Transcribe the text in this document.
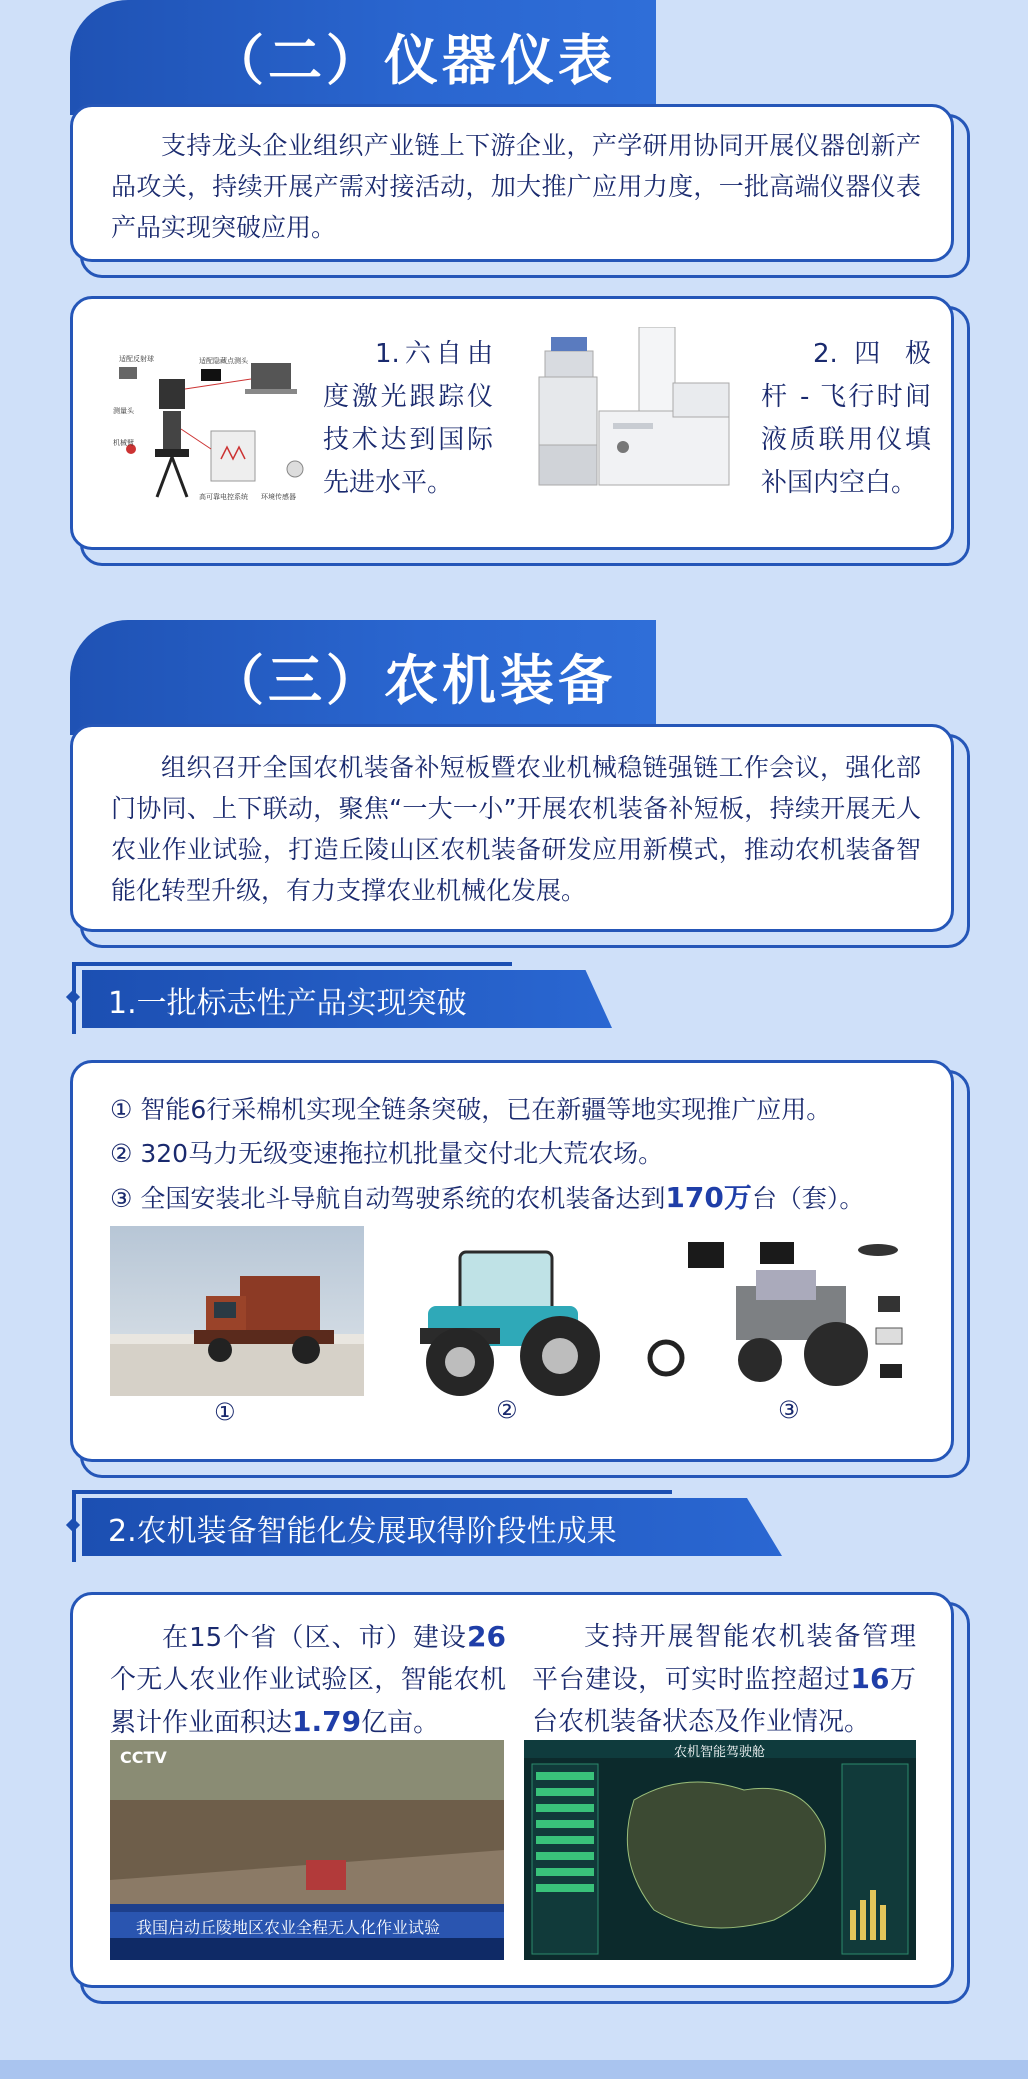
（二）仪器仪表
支持龙头企业组织产业链上下游企业，产学研用协同开展仪器创新产品攻关，持续开展产需对接活动，加大推广应用力度，一批高端仪器仪表产品实现突破应用。
适配反射球	适配隐藏点测头
测量头
机械臂
高可靠电控系统 环境传感器
1.六自由度激光跟踪仪技术达到国际先进水平。
2. 四 极杆 - 飞行时间液质联用仪填补国内空白。
（三）农机装备
组织召开全国农机装备补短板暨农业机械稳链强链工作会议，强化部门协同、上下联动，聚焦“一大一小”开展农机装备补短板，持续开展无人农业作业试验，打造丘陵山区农机装备研发应用新模式，推动农机装备智能化转型升级，有力支撑农业机械化发展。
1.一批标志性产品实现突破
① 智能6行采棉机实现全链条突破，已在新疆等地实现推广应用。
② 320马力无级变速拖拉机批量交付北大荒农场。
③ 全国安装北斗导航自动驾驶系统的农机装备达到170万台（套）。
①	②	③
2.农机装备智能化发展取得阶段性成果
在15个省（区、市）建设26个无人农业作业试验区，智能农机累计作业面积达1.79亿亩。
支持开展智能农机装备管理平台建设，可实时监控超过16万台农机装备状态及作业情况。
CCTV
我国启动丘陵地区农业全程无人化作业试验
农机智能驾驶舱
